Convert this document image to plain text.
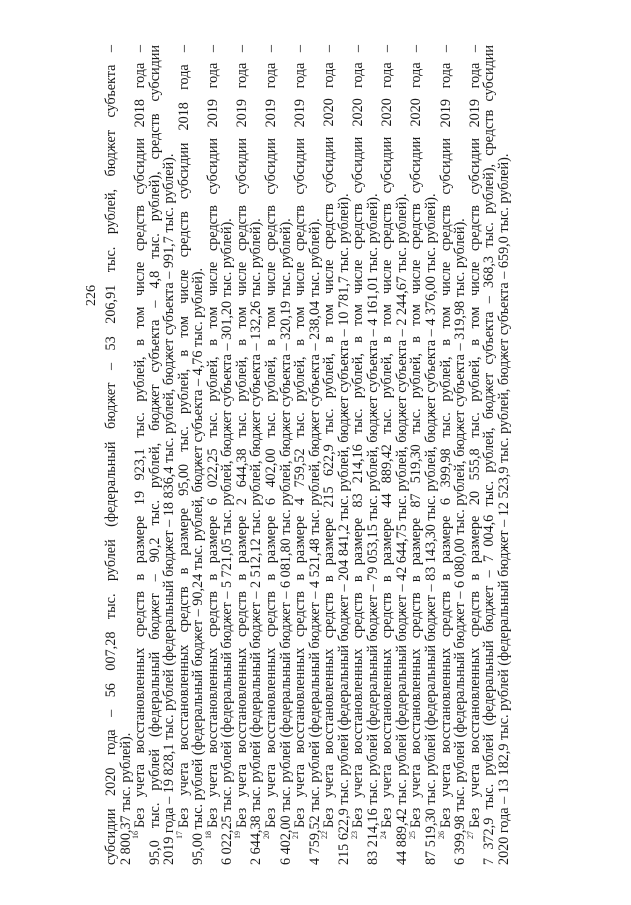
226 субсидии 2020 года – 56 007,28 тыс. рублей (федеральный бюджет – 53 206,91 тыс. рублей, бюджет субъекта –
2 800,37 тыс. рублей).
$^{16}$Без учета восстановленных средств в размере 19 923,1 тыс. рублей, в том числе средств субсидии 2018 года –
95,0 тыс. рублей (федеральный бюджет – 90,2 тыс. рублей, бюджет субъекта – 4,8 тыс. рублей), средств субсидии
2019 года – 19 828,1 тыс. рублей (федеральный бюджет – 18 836,4 тыс. рублей, бюджет субъекта – 991,7 тыс. рублей).
$^{17}$Без учета восстановленных средств в размере 95,00 тыс. рублей, в том числе средств субсидии 2018 года –
95,00 тыс. рублей (федеральный бюджет – 90,24 тыс. рублей, бюджет субъекта – 4,76 тыс. рублей).
$^{18}$Без учета восстановленных средств в размере 6 022,25 тыс. рублей, в том числе средств субсидии 2019 года –
6 022,25 тыс. рублей (федеральный бюджет – 5 721,05 тыс. рублей, бюджет субъекта – 301,20 тыс. рублей).
$^{19}$Без учета восстановленных средств в размере 2 644,38 тыс. рублей, в том числе средств субсидии 2019 года –
2 644,38 тыс. рублей (федеральный бюджет – 2 512,12 тыс. рублей, бюджет субъекта – 132,26 тыс. рублей).
$^{20}$Без учета восстановленных средств в размере 6 402,00 тыс. рублей, в том числе средств субсидии 2019 года –
6 402,00 тыс. рублей (федеральный бюджет – 6 081,80 тыс. рублей, бюджет субъекта – 320,19 тыс. рублей).
$^{21}$Без учета восстановленных средств в размере 4 759,52 тыс. рублей, в том числе средств субсидии 2019 года –
4 759,52 тыс. рублей (федеральный бюджет – 4 521,48 тыс. рублей, бюджет субъекта – 238,04 тыс. рублей).
$^{22}$Без учета восстановленных средств в размере 215 622,9 тыс. рублей, в том числе средств субсидии 2020 года –
215 622,9 тыс. рублей (федеральный бюджет – 204 841,2 тыс. рублей, бюджет субъекта – 10 781,7 тыс. рублей).
$^{23}$Без учета восстановленных средств в размере 83 214,16 тыс. рублей, в том числе средств субсидии 2020 года –
83 214,16 тыс. рублей (федеральный бюджет – 79 053,15 тыс. рублей, бюджет субъекта – 4 161,01 тыс. рублей).
$^{24}$Без учета восстановленных средств в размере 44 889,42 тыс. рублей, в том числе средств субсидии 2020 года –
44 889,42 тыс. рублей (федеральный бюджет – 42 644,75 тыс. рублей, бюджет субъекта – 2 244,67 тыс. рублей).
$^{25}$Без учета восстановленных средств в размере 87 519,30 тыс. рублей, в том числе средств субсидии 2020 года –
87 519,30 тыс. рублей (федеральный бюджет – 83 143,30 тыс. рублей, бюджет субъекта – 4 376,00 тыс. рублей).
$^{26}$Без учета восстановленных средств в размере 6 399,98 тыс. рублей, в том числе средств субсидии 2019 года –
6 399,98 тыс. рублей (федеральный бюджет – 6 080,00 тыс. рублей, бюджет субъекта – 319,98 тыс. рублей).
$^{27}$Без учета восстановленных средств в размере 20 555,8 тыс. рублей, в том числе средств субсидии 2019 года –
7 372,9 тыс. рублей (федеральный бюджет – 7 004,6 тыс. рублей, бюджет субъекта – 368,3 тыс. рублей), средств субсидии
2020 года – 13 182,9 тыс. рублей (федеральный бюджет – 12 523,9 тыс. рублей, бюджет субъекта – 659,0 тыс. рублей).
